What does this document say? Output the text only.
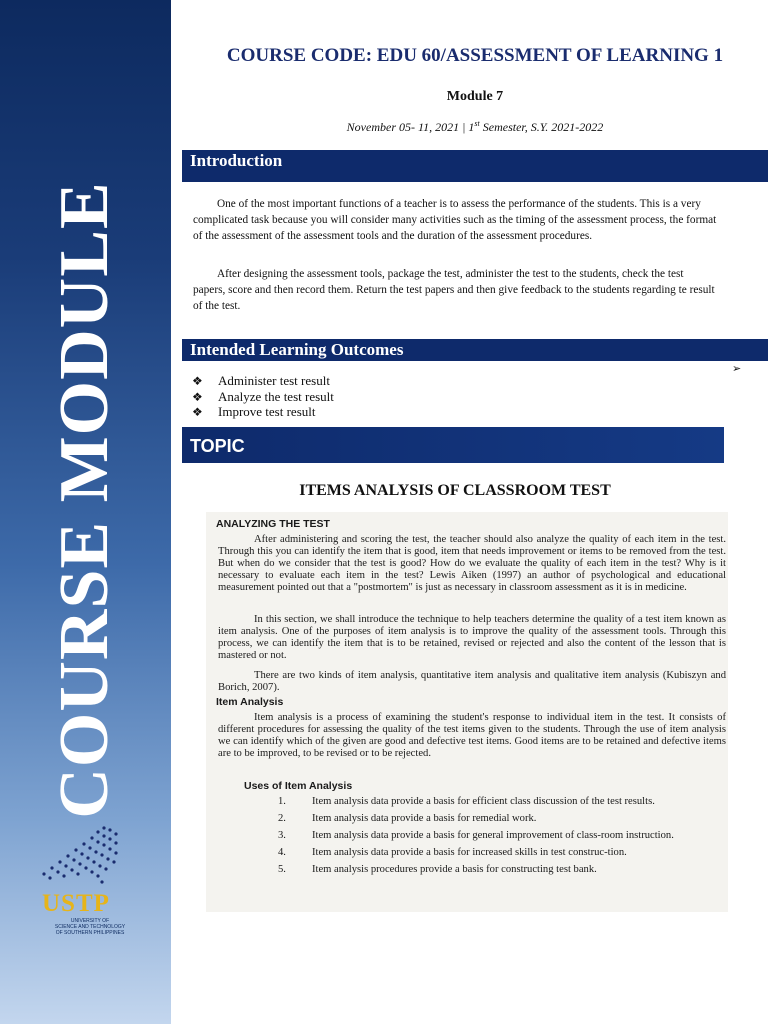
COURSE MODULE
USTP
UNIVERSITY OF
SCIENCE AND TECHNOLOGY
OF SOUTHERN PHILIPPINES
COURSE CODE: EDU 60/ASSESSMENT OF LEARNING 1
Module 7
November 05- 11, 2021 | 1st Semester, S.Y. 2021-2022
Introduction
One of the most important functions of a teacher is to assess the performance of the students. This is a very complicated task because you will consider many activities such as the timing of the assessment process, the format of the assessment of the assessment tools and the duration of the assessment procedures.
After designing the assessment tools, package the test, administer the test to the students, check the test papers, score and then record them. Return the test papers and then give feedback to the students regarding te result of the test.
Intended Learning Outcomes
➢
❖ Administer test result
❖ Analyze the test result
❖ Improve test result
TOPIC
ITEMS ANALYSIS OF CLASSROOM TEST
ANALYZING THE TEST
After administering and scoring the test, the teacher should also analyze the quality of each item in the test. Through this you can identify the item that is good, item that needs improvement or items to be removed from the test. But when do we consider that the test is good? How do we evaluate the quality of each item in the test? Why is it necessary to evaluate each item in the test? Lewis Aiken (1997) an author of psychological and educational measurement pointed out that a "postmortem" is just as necessary in classroom assessment as it is in medicine.
In this section, we shall introduce the technique to help teachers determine the quality of a test item known as item analysis. One of the purposes of item analysis is to improve the quality of the assessment tools. Through this process, we can identify the item that is to be retained, revised or rejected and also the content of the lesson that is mastered or not.
There are two kinds of item analysis, quantitative item analysis and qualitative item analysis (Kubiszyn and Borich, 2007).
Item Analysis
Item analysis is a process of examining the student's response to individual item in the test. It consists of different procedures for assessing the quality of the test items given to the students. Through the use of item analysis we can identify which of the given are good and defective test items. Good items are to be retained and defective items are to be improved, to be revised or to be rejected.
Uses of Item Analysis
1. Item analysis data provide a basis for efficient class discussion of the test results.
2. Item analysis data provide a basis for remedial work.
3. Item analysis data provide a basis for general improvement of class-room instruction.
4. Item analysis data provide a basis for increased skills in test construc-tion.
5. Item analysis procedures provide a basis for constructing test bank.
